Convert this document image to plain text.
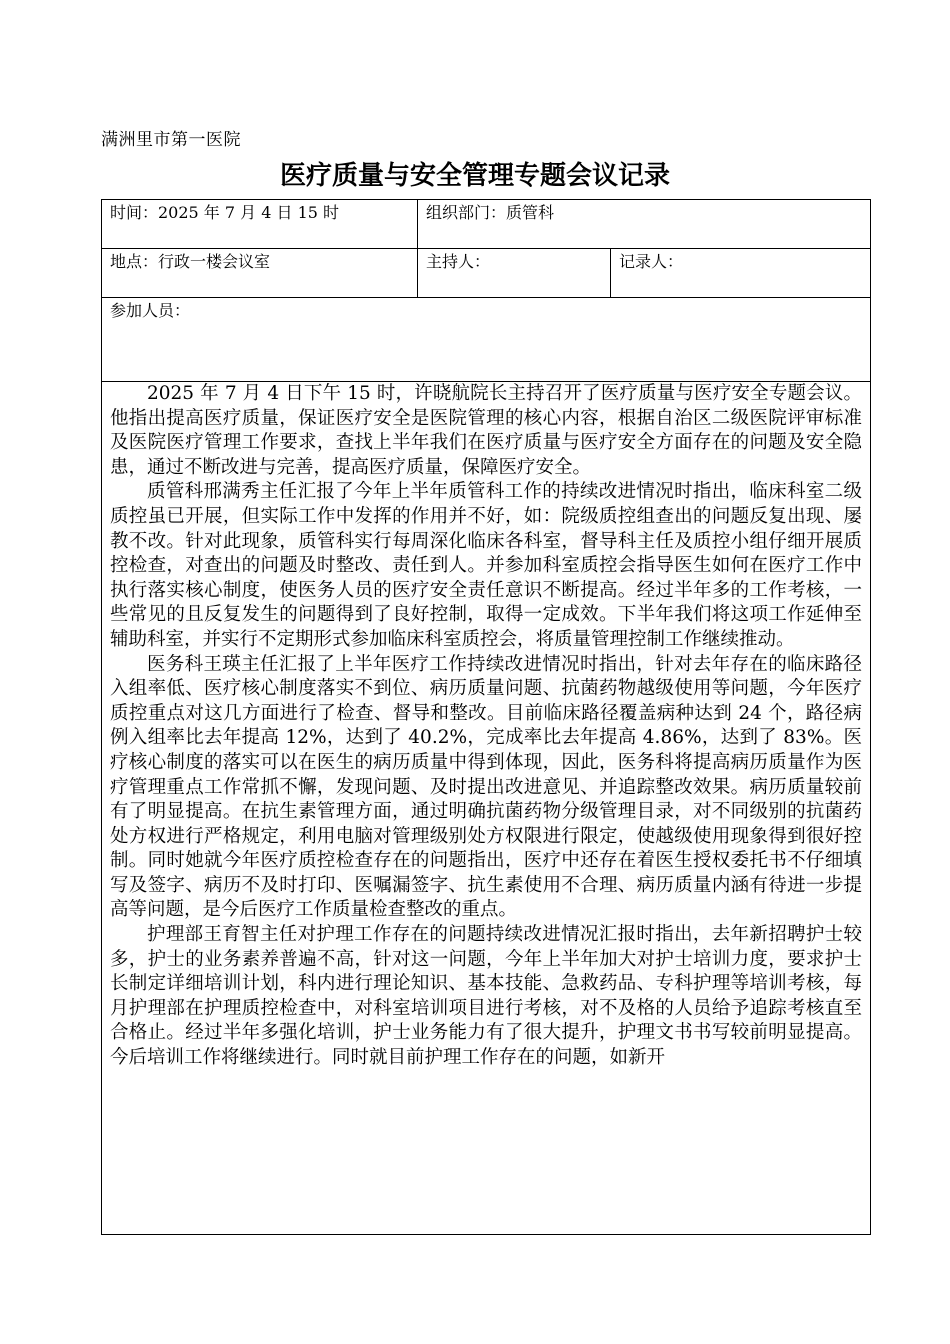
满洲里市第一医院
医疗质量与安全管理专题会议记录
时间：2025 年 7 月 4 日 15 时	组织部门：质管科	
地点：行政一楼会议室	主持人：	记录人：
参加人员：		

2025 年 7 月 4 日下午 15 时，许晓航院长主持召开了医疗质量与医疗安全专题会议。他指出提高医疗质量，保证医疗安全是医院管理的核心内容，根据自治区二级医院评审标准及医院医疗管理工作要求，查找上半年我们在医疗质量与医疗安全方面存在的问题及安全隐患，通过不断改进与完善，提高医疗质量，保障医疗安全。

质管科邢满秀主任汇报了今年上半年质管科工作的持续改进情况时指出，临床科室二级质控虽已开展，但实际工作中发挥的作用并不好，如：院级质控组查出的问题反复出现、屡教不改。针对此现象，质管科实行每周深化临床各科室，督导科主任及质控小组仔细开展质控检查，对查出的问题及时整改、责任到人。并参加科室质控会指导医生如何在医疗工作中执行落实核心制度，使医务人员的医疗安全责任意识不断提高。经过半年多的工作考核，一些常见的且反复发生的问题得到了良好控制，取得一定成效。下半年我们将这项工作延伸至辅助科室，并实行不定期形式参加临床科室质控会，将质量管理控制工作继续推动。

医务科王瑛主任汇报了上半年医疗工作持续改进情况时指出，针对去年存在的临床路径入组率低、医疗核心制度落实不到位、病历质量问题、抗菌药物越级使用等问题，今年医疗质控重点对这几方面进行了检查、督导和整改。目前临床路径覆盖病种达到 24 个，路径病例入组率比去年提高 12%，达到了 40.2%，完成率比去年提高 4.86%，达到了 83%。医疗核心制度的落实可以在医生的病历质量中得到体现，因此，医务科将提高病历质量作为医疗管理重点工作常抓不懈，发现问题、及时提出改进意见、并追踪整改效果。病历质量较前有了明显提高。在抗生素管理方面，通过明确抗菌药物分级管理目录，对不同级别的抗菌药处方权进行严格规定，利用电脑对管理级别处方权限进行限定，使越级使用现象得到很好控制。同时她就今年医疗质控检查存在的问题指出，医疗中还存在着医生授权委托书不仔细填写及签字、病历不及时打印、医嘱漏签字、抗生素使用不合理、病历质量内涵有待进一步提高等问题，是今后医疗工作质量检查整改的重点。

护理部王育智主任对护理工作存在的问题持续改进情况汇报时指出，去年新招聘护士较多，护士的业务素养普遍不高，针对这一问题，今年上半年加大对护士培训力度，要求护士长制定详细培训计划，科内进行理论知识、基本技能、急救药品、专科护理等培训考核，每月护理部在护理质控检查中，对科室培训项目进行考核，对不及格的人员给予追踪考核直至合格止。经过半年多强化培训，护士业务能力有了很大提升，护理文书书写较前明显提高。今后培训工作将继续进行。同时就目前护理工作存在的问题，如新开		
